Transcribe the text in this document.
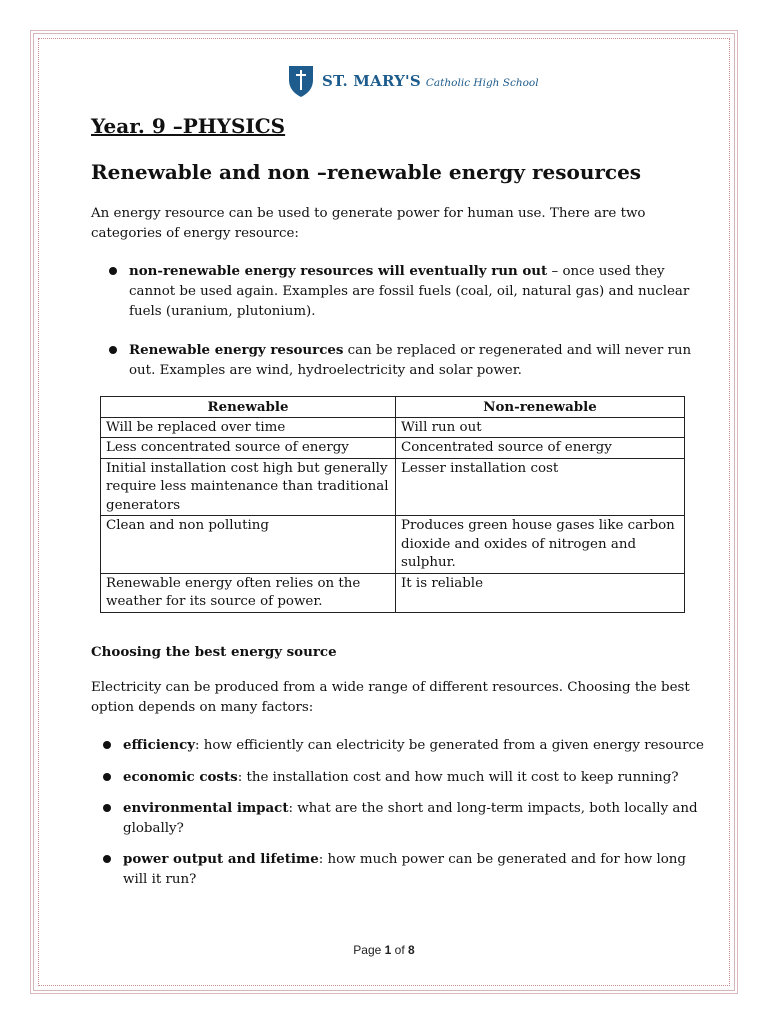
ST. MARY'S Catholic High School
Year. 9 –PHYSICS
Renewable and non –renewable energy resources

An energy resource can be used to generate power for human use. There are two categories of energy resource:

non-renewable energy resources will eventually run out – once used they cannot be used again. Examples are fossil fuels (coal, oil, natural gas) and nuclear fuels (uranium, plutonium).
Renewable energy resources can be replaced or regenerated and will never run out. Examples are wind, hydroelectricity and solar power.
Renewable	Non-renewable
Will be replaced over time	Will run out
Less concentrated source of energy	Concentrated source of energy
Initial installation cost high but generally require less maintenance than traditional generators	Lesser installation cost
Clean and non polluting	Produces green house gases like carbon dioxide and oxides of nitrogen and sulphur.
Renewable energy often relies on the weather for its source of power.	It is reliable
Choosing the best energy source

Electricity can be produced from a wide range of different resources. Choosing the best option depends on many factors:

efficiency: how efficiently can electricity be generated from a given energy resource
economic costs: the installation cost and how much will it cost to keep running?
environmental impact: what are the short and long-term impacts, both locally and globally?
power output and lifetime: how much power can be generated and for how long will it run?
Page 1 of 8
